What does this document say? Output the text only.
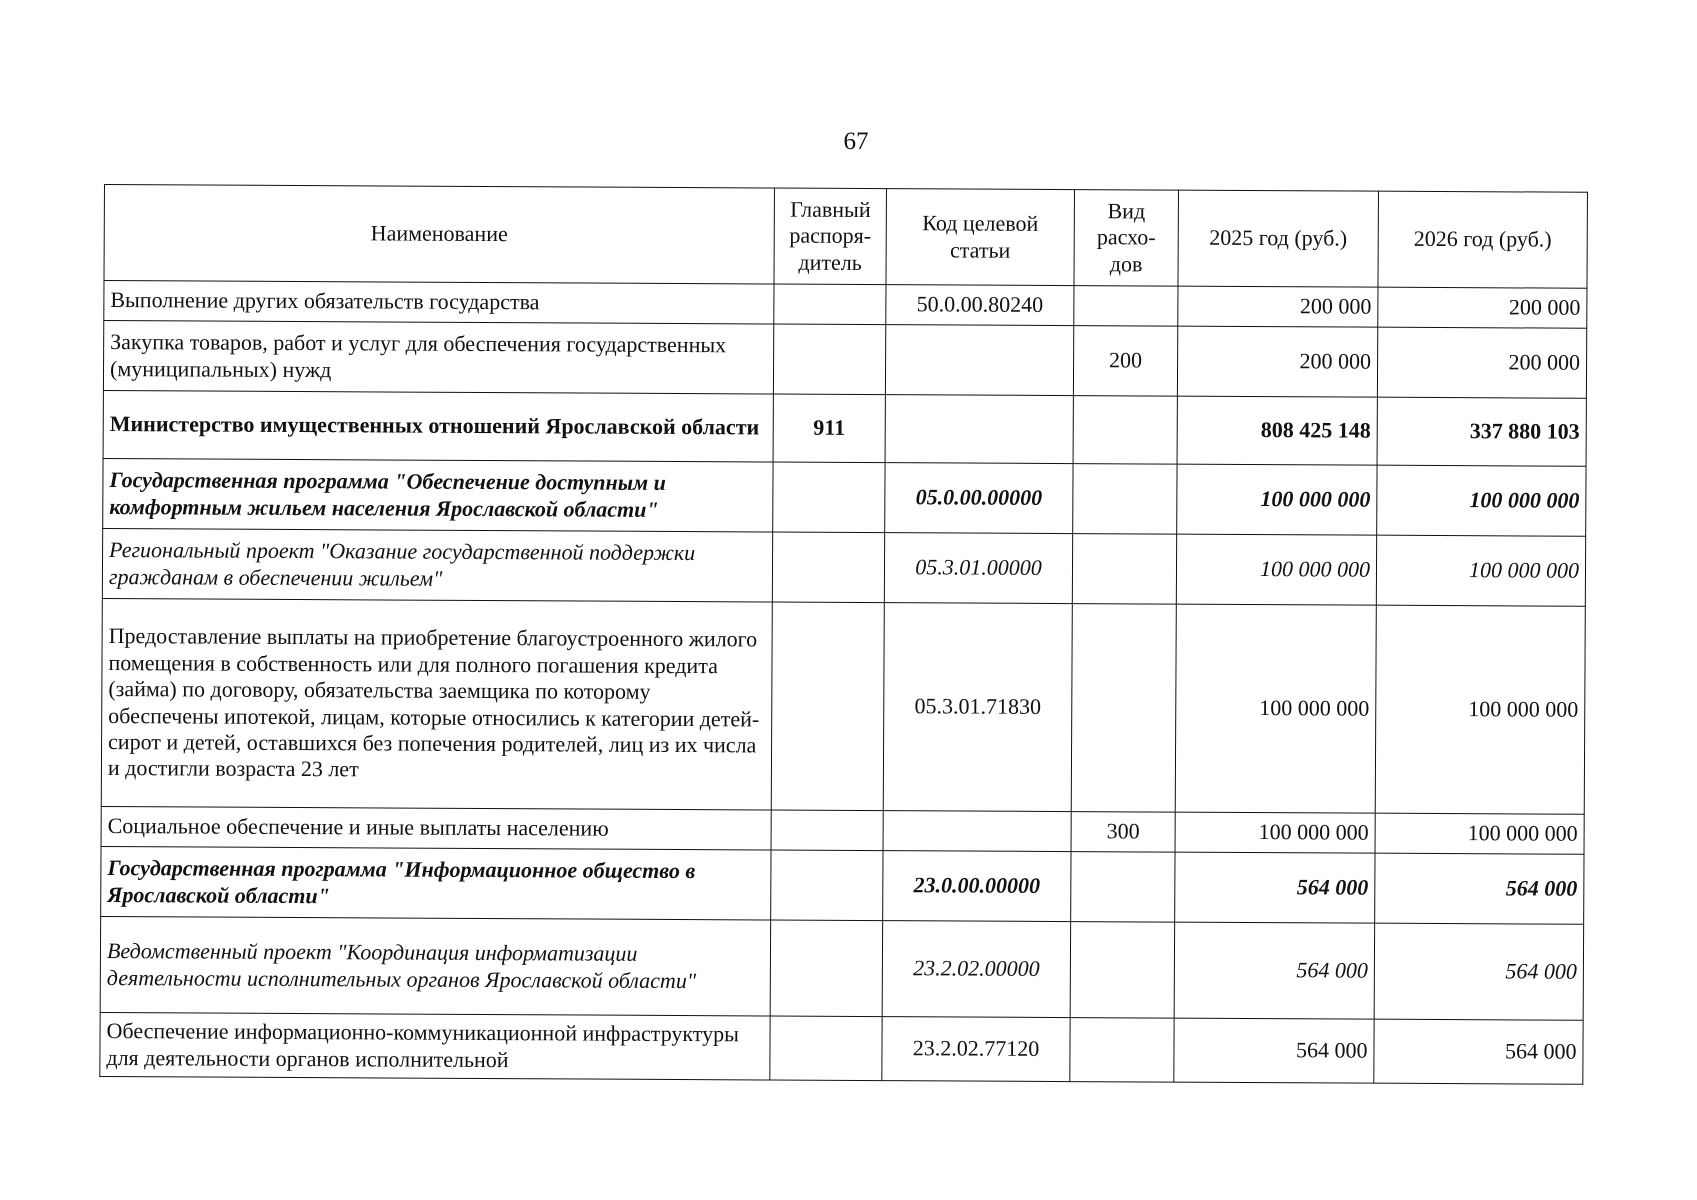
67
Наименование	Главный распоря-дитель	Код целевой статьи	Вид расхо-дов	2025 год (руб.)	2026 год (руб.)
Выполнение других обязательств государства		50.0.00.80240		200 000	200 000
Закупка товаров, работ и услуг для обеспечения государственных (муниципальных) нужд			200	200 000	200 000
Министерство имущественных отношений Ярославской области	911			808 425 148	337 880 103
Государственная программа "Обеспечение доступным и комфортным жильем населения Ярославской области"		05.0.00.00000		100 000 000	100 000 000
Региональный проект "Оказание государственной поддержки гражданам в обеспечении жильем"		05.3.01.00000		100 000 000	100 000 000
Предоставление выплаты на приобретение благоустроенного жилого помещения в собственность или для полного погашения кредита (займа) по договору, обязательства заемщика по которому обеспечены ипотекой, лицам, которые относились к категории детей-сирот и детей, оставшихся без попечения родителей, лиц из их числа и достигли возраста 23 лет		05.3.01.71830		100 000 000	100 000 000
Социальное обеспечение и иные выплаты населению			300	100 000 000	100 000 000
Государственная программа "Информационное общество в Ярославской области"		23.0.00.00000		564 000	564 000
Ведомственный проект "Координация информатизации деятельности исполнительных органов Ярославской области"		23.2.02.00000		564 000	564 000
Обеспечение информационно-коммуникационной инфраструктуры для деятельности органов исполнительной		23.2.02.77120		564 000	564 000
